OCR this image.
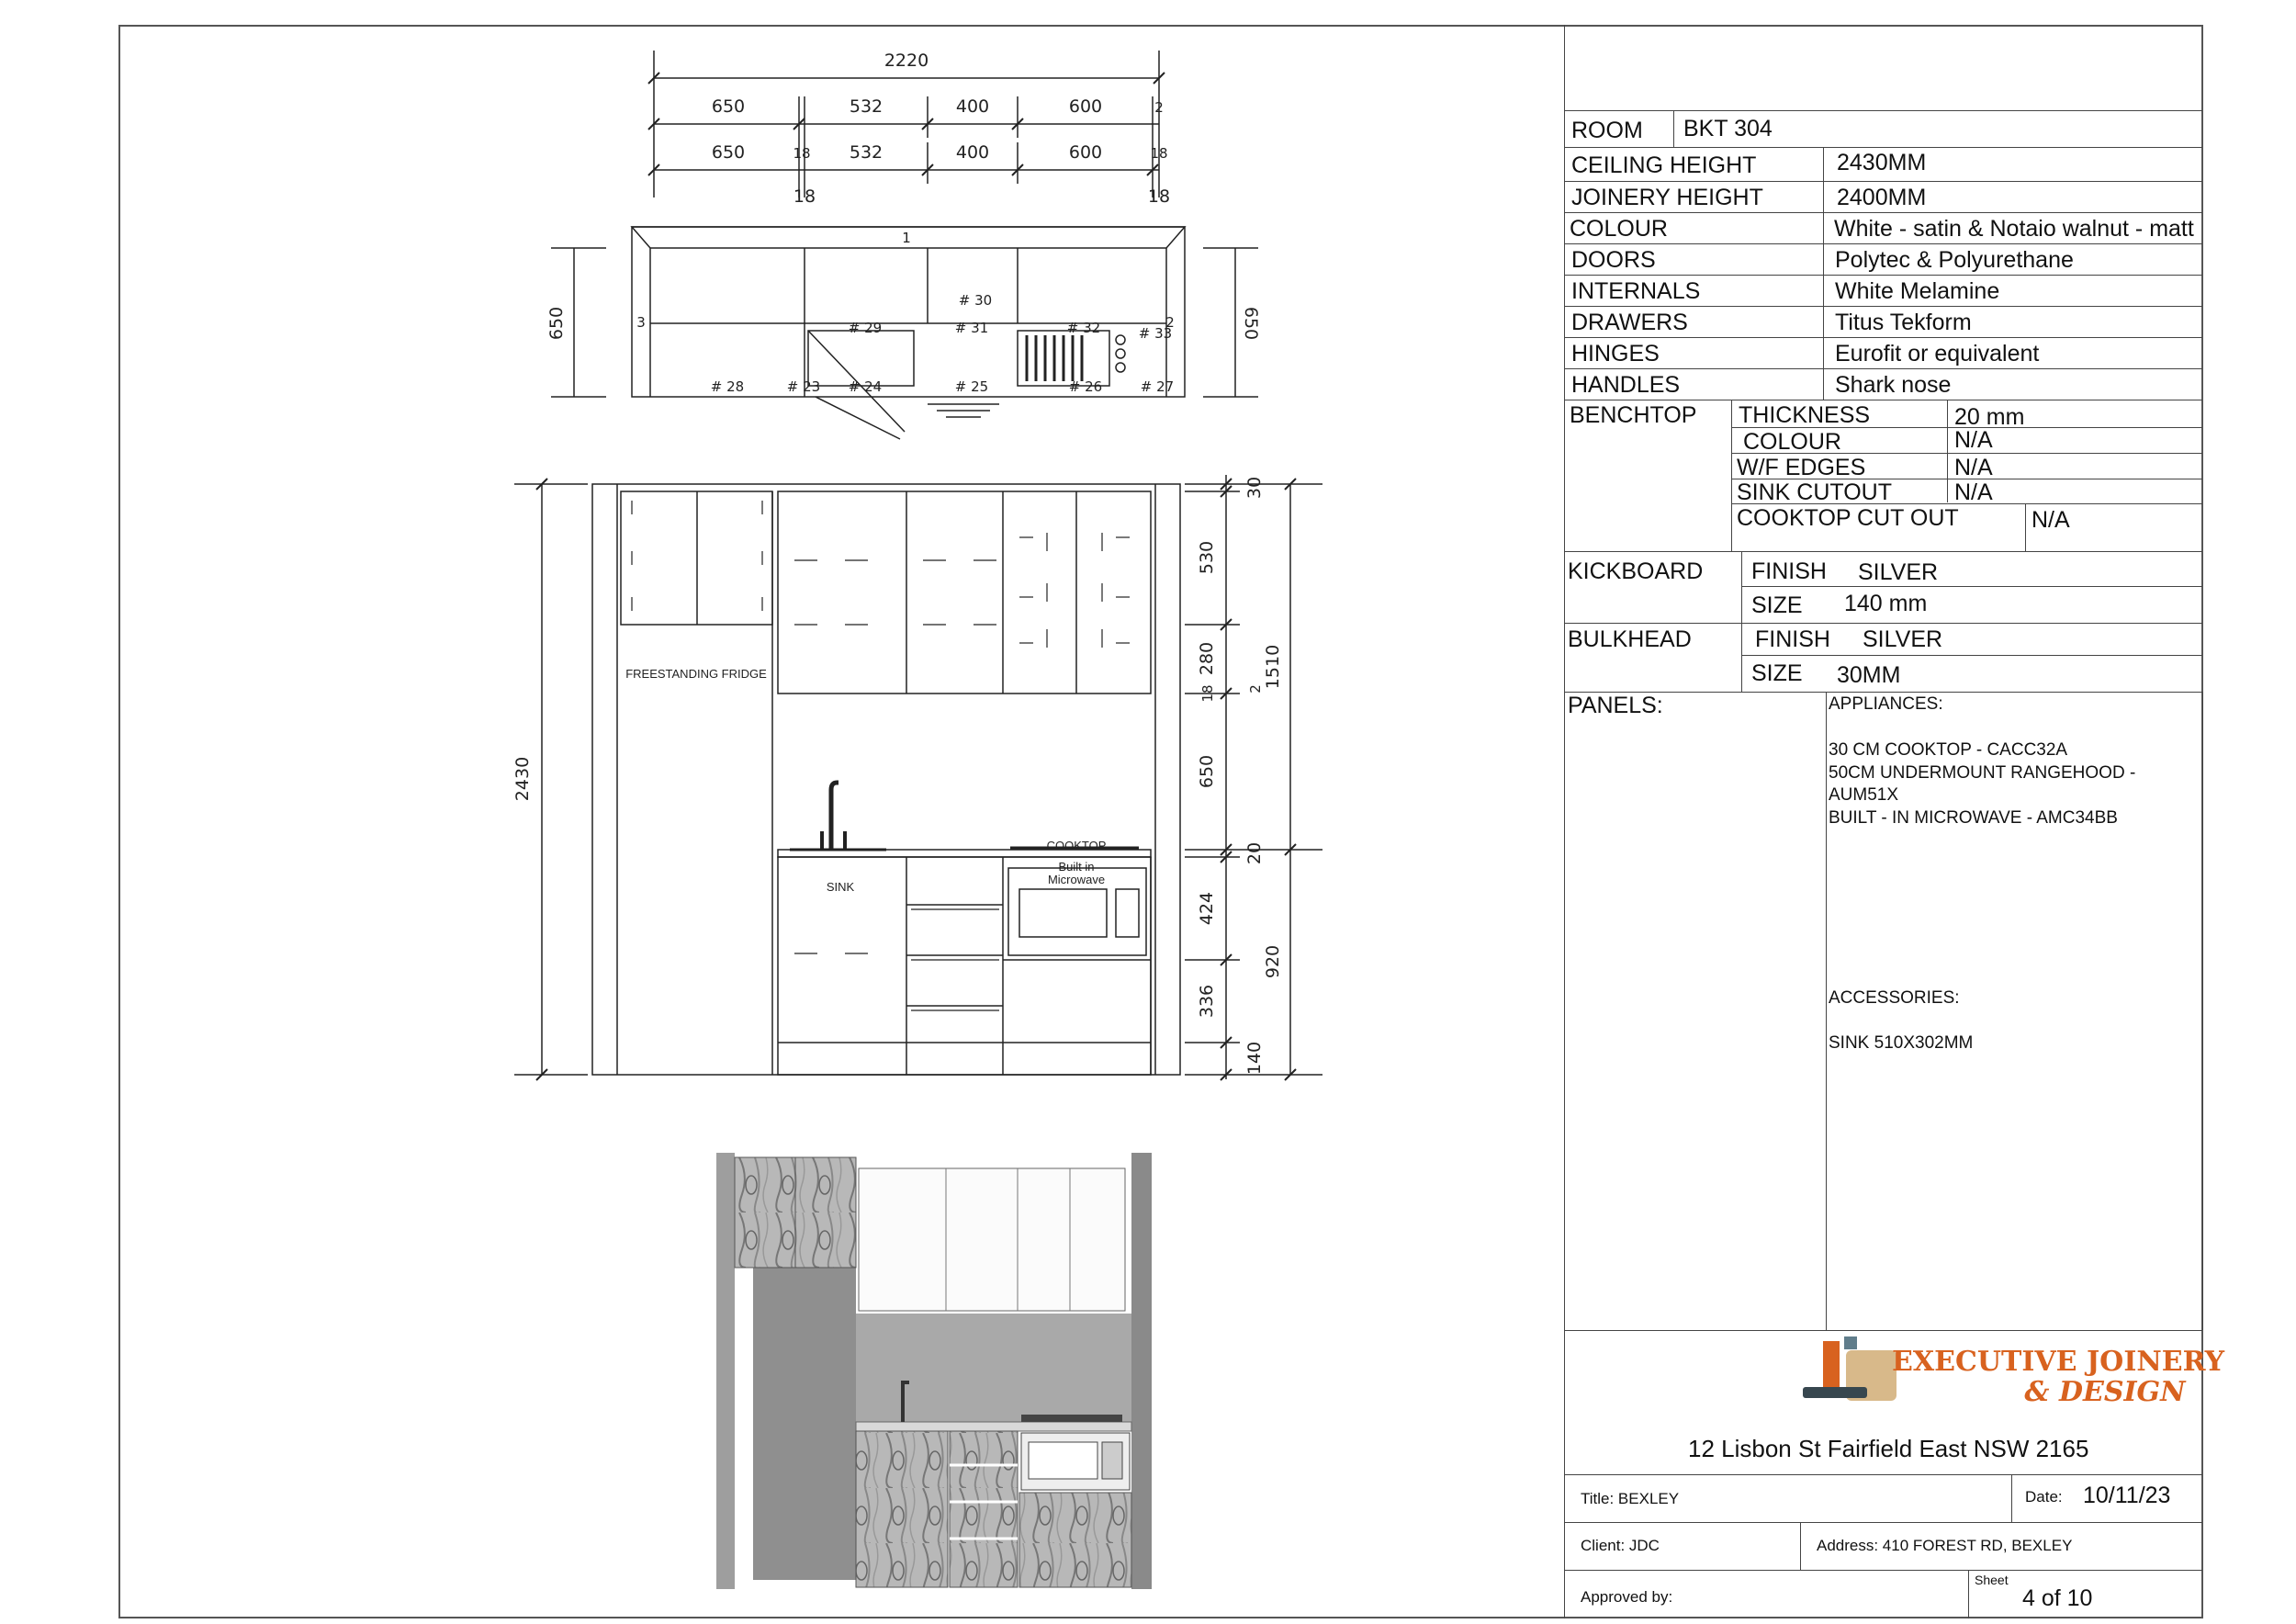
2220
650	532	400	600	2
650	18 532	400	600	18
18	18
650	650
1
3	2
# 30
# 29	# 31	# 32	# 33
# 28	# 23 # 24	# 25	# 26	# 27
FREESTANDING FRIDGE
SINK
COOKTOP
Built in
Microwave
2430
30
530
280
18
650
20
424
336
140
1510
920
2
EXECUTIVE JOINERY
& DESIGN
ROOM BKT 304
CEILING HEIGHT	2430MM
JOINERY HEIGHT	2400MM
COLOUR	White - satin & Notaio walnut - matt
DOORS	Polytec & Polyurethane
INTERNALS	White Melamine
DRAWERS	Titus Tekform
HINGES	Eurofit or equivalent
HANDLES	Shark nose
BENCHTOP THICKNESS	20 mm
COLOUR	N/A
W/F EDGES	N/A
SINK CUTOUT	N/A
COOKTOP CUT OUT	N/A
KICKBOARD FINISH SILVER
SIZE 140 mm
BULKHEAD	FINISH SILVER
SIZE 30MM
PANELS:	APPLIANCES:
30 CM COOKTOP - CACC32A
50CM UNDERMOUNT RANGEHOOD -
AUM51X
BUILT - IN MICROWAVE - AMC34BB
ACCESSORIES:
SINK 510X302MM
12 Lisbon St Fairfield East NSW 2165
Title: BEXLEY	Date: 10/11/23
Client: JDC	Address: 410 FOREST RD, BEXLEY
Approved by:
Sheet
4 of 10
